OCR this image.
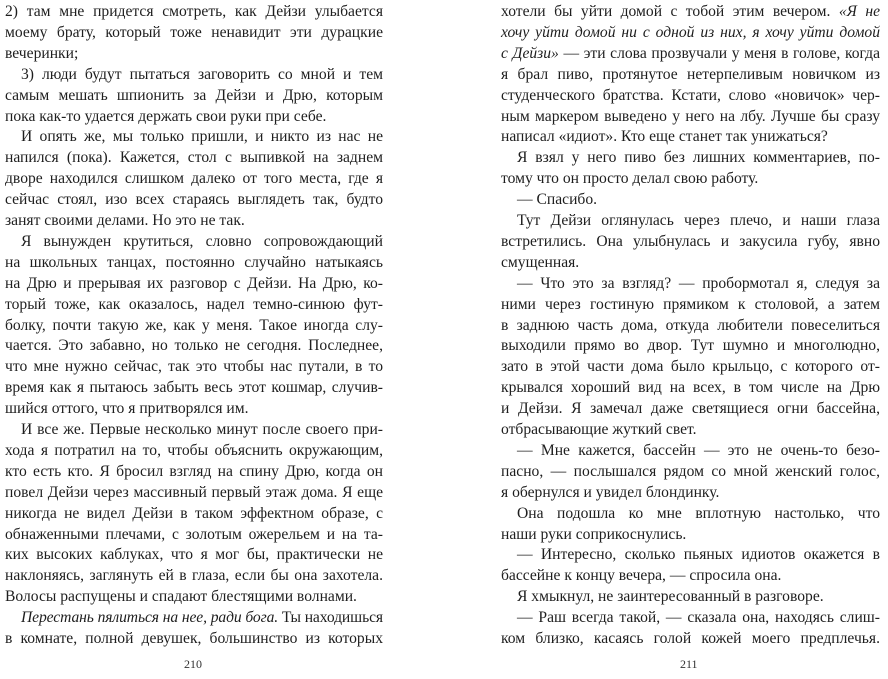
2) там мне придется смотреть, как Дейзи улыбается
моему брату, который тоже ненавидит эти дурацкие
вечеринки;
3) люди будут пытаться заговорить со мной и тем
самым мешать шпионить за Дейзи и Дрю, которым
пока как-то удается держать свои руки при себе.
И опять же, мы только пришли, и никто из нас не
напился (пока). Кажется, стол с выпивкой на заднем
дворе находился слишком далеко от того места, где я
сейчас стоял, изо всех стараясь выглядеть так, будто
занят своими делами. Но это не так.
Я вынужден крутиться, словно сопровождающий
на школьных танцах, постоянно случайно натыкаясь
на Дрю и прерывая их разговор с Дейзи. На Дрю, ко-
торый тоже, как оказалось, надел темно-синюю фут-
болку, почти такую же, как у меня. Такое иногда слу-
чается. Это забавно, но только не сегодня. Последнее,
что мне нужно сейчас, так это чтобы нас путали, в то
время как я пытаюсь забыть весь этот кошмар, случив-
шийся оттого, что я притворялся им.
И все же. Первые несколько минут после своего при-
хода я потратил на то, чтобы объяснить окружающим,
кто есть кто. Я бросил взгляд на спину Дрю, когда он
повел Дейзи через массивный первый этаж дома. Я еще
никогда не видел Дейзи в таком эффектном образе, с
обнаженными плечами, с золотым ожерельем и на та-
ких высоких каблуках, что я мог бы, практически не
наклоняясь, заглянуть ей в глаза, если бы она захотела.
Волосы распущены и спадают блестящими волнами.
Перестань пялиться на нее, ради бога. Ты находишься
в комнате, полной девушек, большинство из которых
210
хотели бы уйти домой с тобой этим вечером. «Я не
хочу уйти домой ни с одной из них, я хочу уйти домой
с Дейзи» — эти слова прозвучали у меня в голове, когда
я брал пиво, протянутое нетерпеливым новичком из
студенческого братства. Кстати, слово «новичок» чер-
ным маркером выведено у него на лбу. Лучше бы сразу
написал «идиот». Кто еще станет так унижаться?
Я взял у него пиво без лишних комментариев, по-
тому что он просто делал свою работу.
— Спасибо.
Тут Дейзи оглянулась через плечо, и наши глаза
встретились. Она улыбнулась и закусила губу, явно
смущенная.
— Что это за взгляд? — пробормотал я, следуя за
ними через гостиную прямиком к столовой, а затем
в заднюю часть дома, откуда любители повеселиться
выходили прямо во двор. Тут шумно и многолюдно,
зато в этой части дома было крыльцо, с которого от-
крывался хороший вид на всех, в том числе на Дрю
и Дейзи. Я замечал даже светящиеся огни бассейна,
отбрасывающие жуткий свет.
— Мне кажется, бассейн — это не очень-то безо-
пасно, — послышался рядом со мной женский голос,
я обернулся и увидел блондинку.
Она подошла ко мне вплотную настолько, что
наши руки соприкоснулись.
— Интересно, сколько пьяных идиотов окажется в
бассейне к концу вечера, — спросила она.
Я хмыкнул, не заинтересованный в разговоре.
— Раш всегда такой, — сказала она, находясь слиш-
ком близко, касаясь голой кожей моего предплечья.
211
